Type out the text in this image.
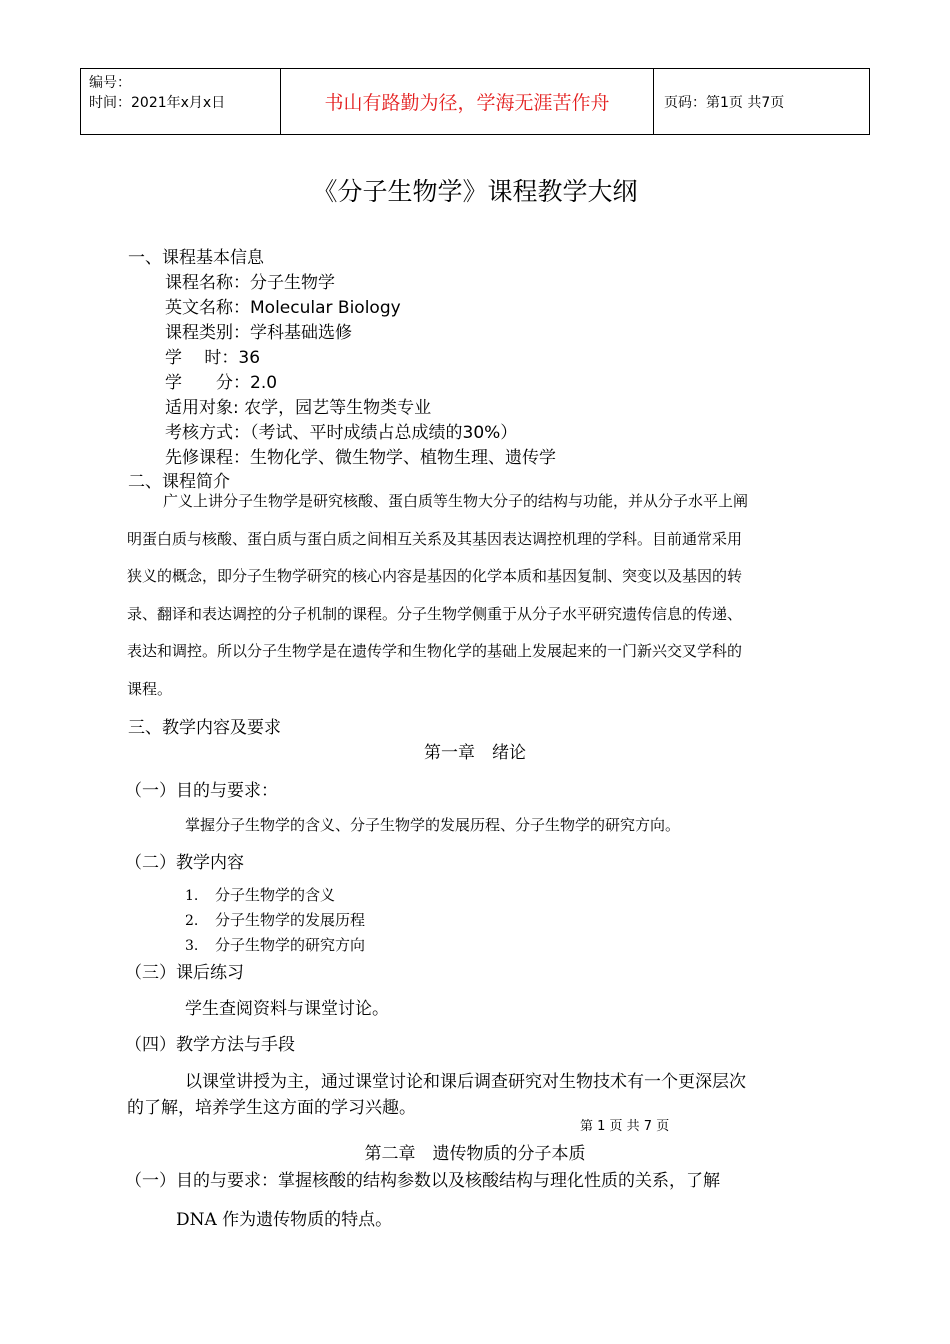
编号：
时间：2021年x月x日	书山有路勤为径，学海无涯苦作舟	页码：第1页 共7页
《分子生物学》课程教学大纲
一、课程基本信息
课程名称：分子生物学
英文名称：Molecular Biology
课程类别：学科基础选修
学　 时：36
学　　分：2.0
适用对象: 农学，园艺等生物类专业
考核方式：（考试、平时成绩占总成绩的30%）
先修课程：生物化学、微生物学、植物生理、遗传学
二、课程简介
广义上讲分子生物学是研究核酸、蛋白质等生物大分子的结构与功能，并从分子水平上阐
明蛋白质与核酸、蛋白质与蛋白质之间相互关系及其基因表达调控机理的学科。目前通常采用
狭义的概念，即分子生物学研究的核心内容是基因的化学本质和基因复制、突变以及基因的转
录、翻译和表达调控的分子机制的课程。分子生物学侧重于从分子水平研究遗传信息的传递、
表达和调控。所以分子生物学是在遗传学和生物化学的基础上发展起来的一门新兴交叉学科的
课程。
三、教学内容及要求
第一章　绪论
（一）目的与要求：
掌握分子生物学的含义、分子生物学的发展历程、分子生物学的研究方向。
（二）教学内容
1. 分子生物学的含义
2. 分子生物学的发展历程
3. 分子生物学的研究方向
（三）课后练习
学生查阅资料与课堂讨论。
（四）教学方法与手段
以课堂讲授为主，通过课堂讨论和课后调查研究对生物技术有一个更深层次
的了解，培养学生这方面的学习兴趣。
第 1 页 共 7 页
第二章　遗传物质的分子本质
（一）目的与要求：掌握核酸的结构参数以及核酸结构与理化性质的关系，了解
DNA 作为遗传物质的特点。
